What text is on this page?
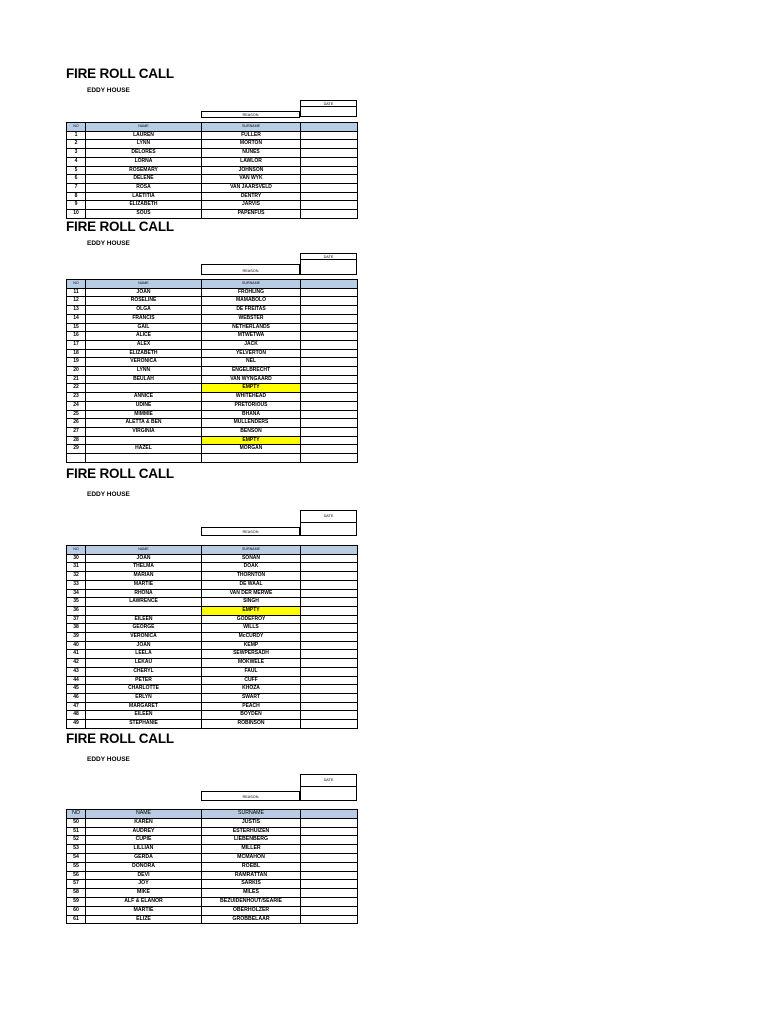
FIRE ROLL CALL
EDDY HOUSE
DATE
REASON
NO	NAME	SURNAME	
1	LAUREN	FULLER	
2	LYNN	MORTON	
3	DELORES	NUNES	
4	LORNA	LAWLOR	
5	ROSEMARY	JOHNSON	
6	DELENE	VAN WYK	
7	ROSA	VAN JAARSVELD	
8	LAETITIA	DENTRY	
9	ELIZABETH	JARVIS	
10	SOUS	PAPENFUS	
FIRE ROLL CALL
EDDY HOUSE
DATE
REASON
NO	NAME	SURNAME	
11	JOAN	FROHLING	
12	ROSELINE	MAMABOLO	
13	OLGA	DE FREITAS	
14	FRANCIS	WEBSTER	
15	GAIL	NETHERLANDS	
16	ALICE	MTWETWA	
17	ALEX	JACK	
18	ELIZABETH	YELVERTON	
19	VERONICA	NEL	
20	LYNN	ENGELBRECHT	
21	BEULAH	VAN WYNGAARD	
22		EMPTY	
23	ANNICE	WHITEHEAD	
24	UDINE	PRETORIOUS	
25	MIMMIE	BHANA	
26	ALETTA & BEN	MULLENDERS	
27	VIRGINIA	BENSON	
28		EMPTY	
29	HAZEL	MORGAN	

FIRE ROLL CALL
EDDY HOUSE
DATE
REASON
NO	NAME	SURNAME	
30	JOAN	SONAN	
31	THELMA	DOAK	
32	MARIAN	THORNTON	
33	MARTIE	DE WAAL	
34	RHONA	VAN DER MERWE	
35	LAWRENCE	SINGH	
36		EMPTY	
37	EILEEN	GODEFROY	
38	GEORGE	WILLS	
39	VERONICA	McCURDY	
40	JOAN	KEMP	
41	LEELA	SEWPERSADH	
42	LEKAU	MOKWELE	
43	CHERYL	FAUL	
44	PETER	CUFF	
45	CHARLOTTE	KHOZA	
46	ERLYN	SWART	
47	MARGARET	PEACH	
48	EILEEN	BOYDEN	
49	STEPHANIE	ROBINSON	
FIRE ROLL CALL
EDDY HOUSE
DATE
REASON
NO	NAME	SURNAME	
50	KAREN	JUSTIS	
51	AUDREY	ESTERHUIZEN	
52	CUPIE	LIEBENBERG	
53	LILLIAN	MILLER	
54	GERDA	MCMAHON	
55	DONORA	ROEBL	
56	DEVI	RAMRATTAN	
57	JOY	SARKIS	
58	MIKE	MILES	
59	ALF & ELANOR	BEZUIDENHOUT/SEARIE	
60	MARTIE	OBERHOLZER	
61	ELIZE	GROBBELAAR	
